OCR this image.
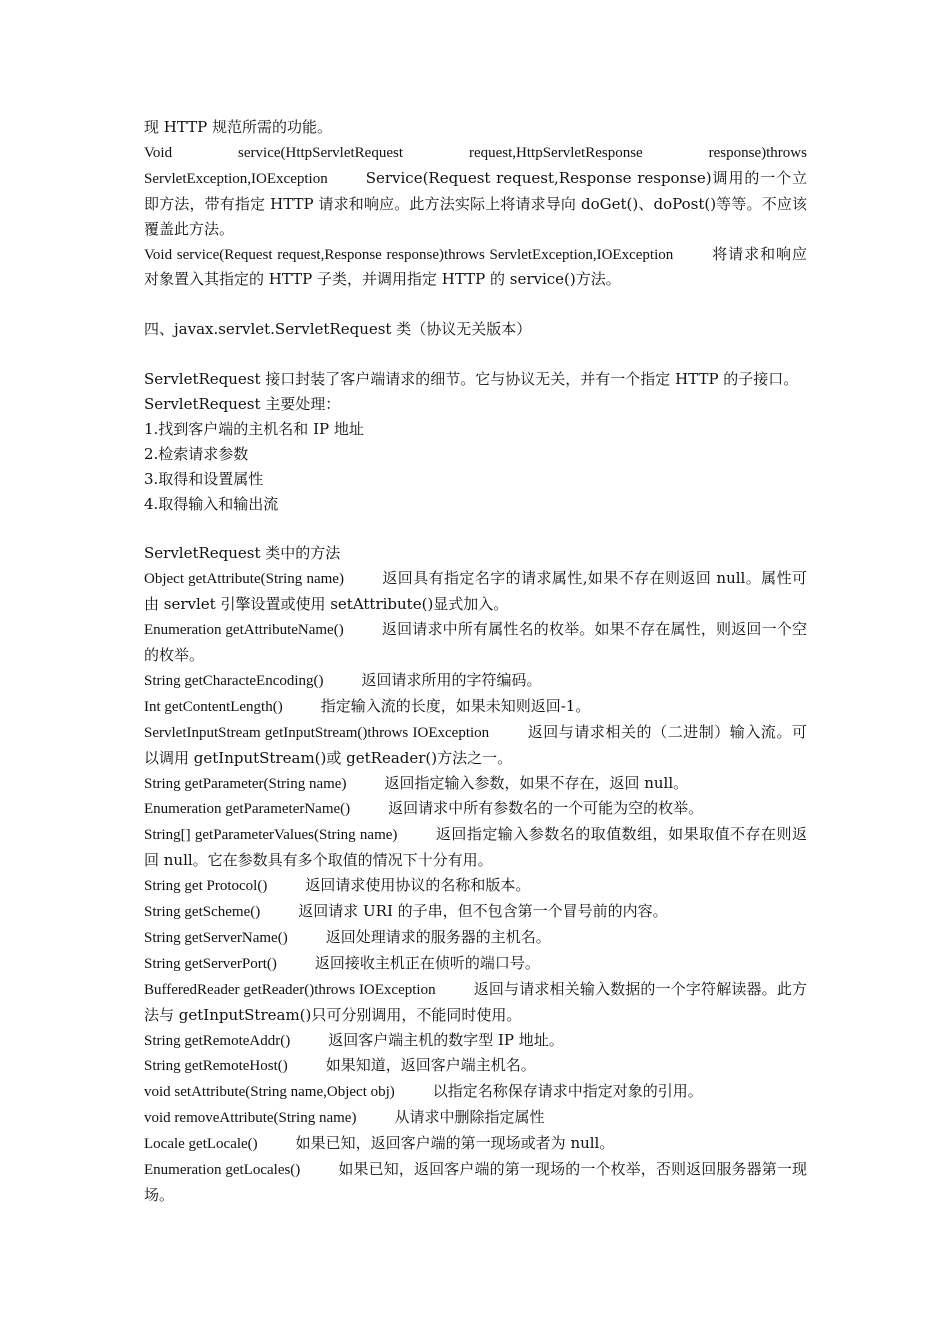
现 HTTP 规范所需的功能。

Void	service(HttpServletRequest	request,HttpServletResponse	response)throws

ServletException,IOException	Service(Request request,Response response)调用的一个立即方法，带有指定 HTTP 请求和响应。此方法实际上将请求导向 doGet()、doPost()等等。不应该覆盖此方法。

Void service(Request request,Response response)throws ServletException,IOException	将请求和响应对象置入其指定的 HTTP 子类，并调用指定 HTTP 的 service()方法。

四、javax.servlet.ServletRequest 类（协议无关版本）

ServletRequest 接口封装了客户端请求的细节。它与协议无关，并有一个指定 HTTP 的子接口。

ServletRequest 主要处理：

1.找到客户端的主机名和 IP 地址

2.检索请求参数

3.取得和设置属性

4.取得输入和输出流

ServletRequest 类中的方法

Object getAttribute(String name)	返回具有指定名字的请求属性,如果不存在则返回 null。属性可由 servlet 引擎设置或使用 setAttribute()显式加入。

Enumeration getAttributeName()	返回请求中所有属性名的枚举。如果不存在属性，则返回一个空的枚举。

String getCharacteEncoding()	返回请求所用的字符编码。

Int getContentLength()	指定输入流的长度，如果未知则返回-1。

ServletInputStream getInputStream()throws IOException	返回与请求相关的（二进制）输入流。可以调用 getInputStream()或 getReader()方法之一。

String getParameter(String name)	返回指定输入参数，如果不存在，返回 null。

Enumeration getParameterName()	返回请求中所有参数名的一个可能为空的枚举。

String[] getParameterValues(String name)	返回指定输入参数名的取值数组，如果取值不存在则返回 null。它在参数具有多个取值的情况下十分有用。

String get Protocol()	返回请求使用协议的名称和版本。

String getScheme()	返回请求 URI 的子串，但不包含第一个冒号前的内容。

String getServerName()	返回处理请求的服务器的主机名。

String getServerPort()	返回接收主机正在侦听的端口号。

BufferedReader getReader()throws IOException	返回与请求相关输入数据的一个字符解读器。此方法与 getInputStream()只可分别调用，不能同时使用。

String getRemoteAddr()	返回客户端主机的数字型 IP 地址。

String getRemoteHost()	如果知道，返回客户端主机名。

void setAttribute(String name,Object obj)	以指定名称保存请求中指定对象的引用。

void removeAttribute(String name)	从请求中删除指定属性

Locale getLocale()	如果已知，返回客户端的第一现场或者为 null。

Enumeration getLocales()	如果已知，返回客户端的第一现场的一个枚举，否则返回服务器第一现场。
